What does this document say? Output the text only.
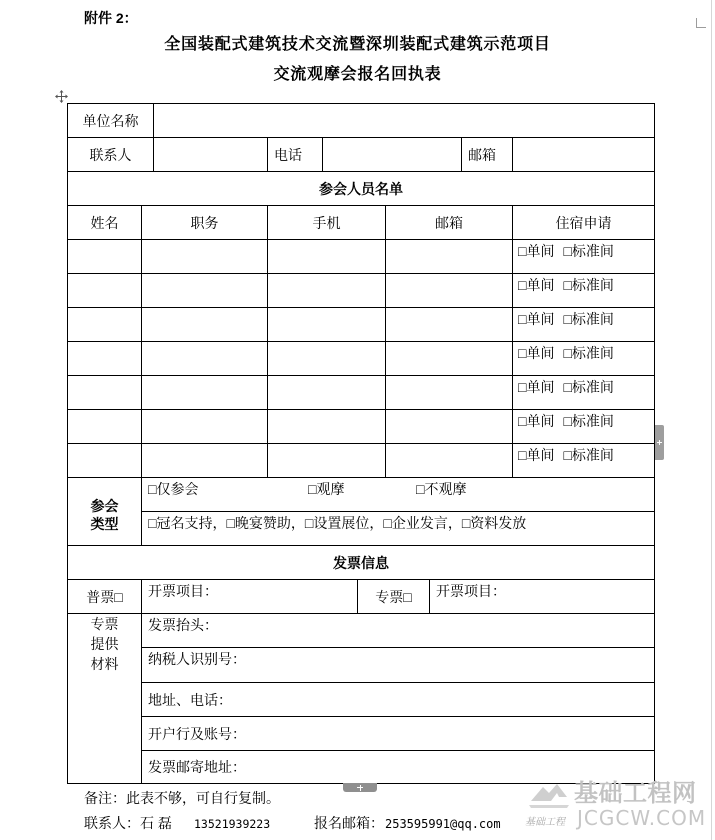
附件 2：
全国装配式建筑技术交流暨深圳装配式建筑示范项目
交流观摩会报名回执表
单位名称									
联系人			电话					邮箱	
参会人员名单									
姓名	职务		手机			邮箱			住宿申请
									□单间 □标准间
									□单间 □标准间
									□单间 □标准间
									□单间 □标准间
									□单间 □标准间
									□单间 □标准间
									□单间 □标准间

参会
类型	□仅参会 □观摩 □不观摩								
	□冠名支持，□晚宴赞助，□设置展位，□企业发言，□资料发放								
发票信息									
普票□	开票项目：				专票□		开票项目：		

专票
提供
材料	发票抬头：								
	纳税人识别号：								
	地址、电话：								
	开户行及账号：								
	发票邮寄地址：								
备注：此表不够，可自行复制。
联系人：石 磊 13521939223	报名邮箱： 253595991@qq.com
基础工程网
JCGCW.COM
基础工程
